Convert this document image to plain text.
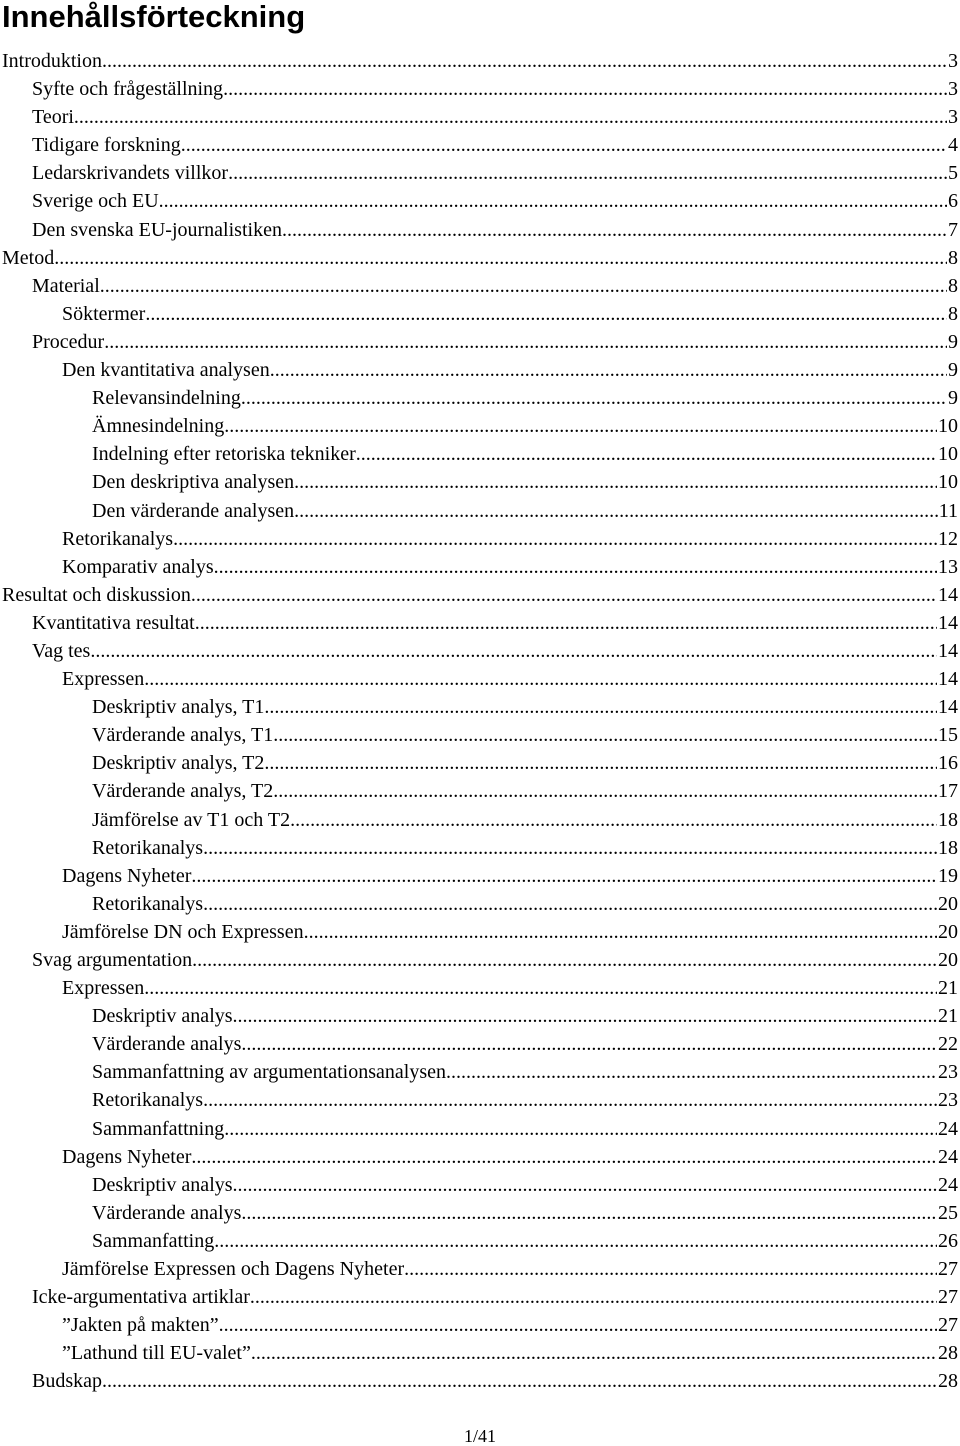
Innehållsförteckning
Introduktion .....	3
Syfte och frågeställning .....	3
Teori .....	3
Tidigare forskning .....	4
Ledarskrivandets villkor .....	5
Sverige och EU .....	6
Den svenska EU-journalistiken .....	7
Metod .....	8
Material .....	8
Söktermer .....	8
Procedur .....	9
Den kvantitativa analysen .....	9
Relevansindelning .....	9
Ämnesindelning .....	10
Indelning efter retoriska tekniker .....	10
Den deskriptiva analysen .....	10
Den värderande analysen .....	11
Retorikanalys .....	12
Komparativ analys .....	13
Resultat och diskussion .....	14
Kvantitativa resultat .....	14
Vag tes .....	14
Expressen .....	14
Deskriptiv analys, T1 .....	14
Värderande analys, T1 .....	15
Deskriptiv analys, T2 .....	16
Värderande analys, T2 .....	17
Jämförelse av T1 och T2 .....	18
Retorikanalys .....	18
Dagens Nyheter .....	19
Retorikanalys .....	20
Jämförelse DN och Expressen .....	20
Svag argumentation .....	20
Expressen .....	21
Deskriptiv analys .....	21
Värderande analys .....	22
Sammanfattning av argumentationsanalysen .....	23
Retorikanalys .....	23
Sammanfattning .....	24
Dagens Nyheter .....	24
Deskriptiv analys .....	24
Värderande analys .....	25
Sammanfatting .....	26
Jämförelse Expressen och Dagens Nyheter .....	27
Icke-argumentativa artiklar .....	27
”Jakten på makten” .....	27
”Lathund till EU-valet” .....	28
Budskap .....	28
1/41
